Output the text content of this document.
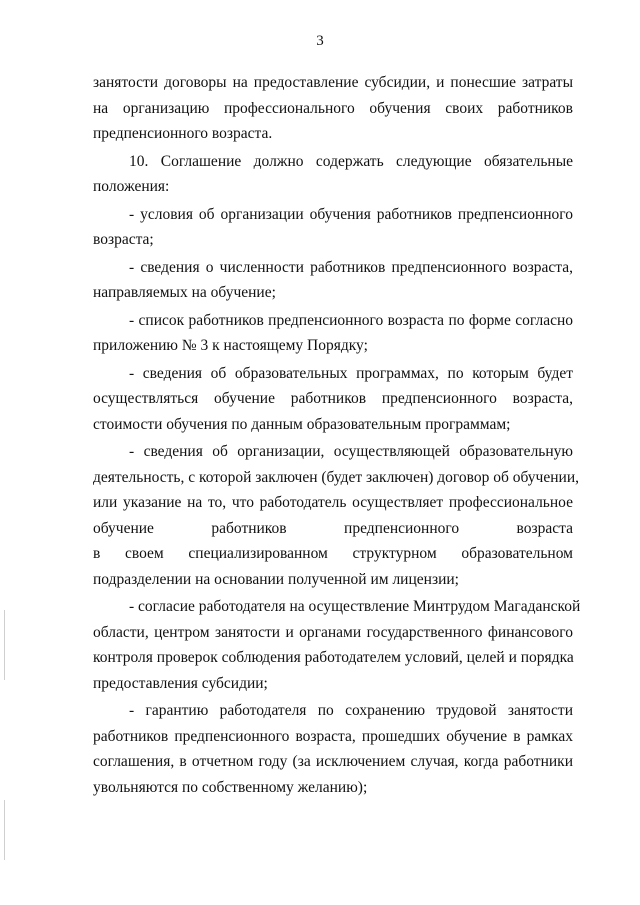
3
занятости договоры на предоставление субсидии, и понесшие затраты
на организацию профессионального обучения своих работников
предпенсионного возраста.
10. Соглашение должно содержать следующие обязательные
положения:
- условия об организации обучения работников предпенсионного
возраста;
- сведения о численности работников предпенсионного возраста,
направляемых на обучение;
- список работников предпенсионного возраста по форме согласно
приложению № 3 к настоящему Порядку;
- сведения об образовательных программах, по которым будет
осуществляться обучение работников предпенсионного возраста,
стоимости обучения по данным образовательным программам;
- сведения об организации, осуществляющей образовательную
деятельность, с которой заключен (будет заключен) договор об обучении,
или указание на то, что работодатель осуществляет профессиональное
обучение работников предпенсионного возраста
в своем специализированном структурном образовательном
подразделении на основании полученной им лицензии;
- согласие работодателя на осуществление Минтрудом Магаданской
области, центром занятости и органами государственного финансового
контроля проверок соблюдения работодателем условий, целей и порядка
предоставления субсидии;
- гарантию работодателя по сохранению трудовой занятости
работников предпенсионного возраста, прошедших обучение в рамках
соглашения, в отчетном году (за исключением случая, когда работники
увольняются по собственному желанию);
